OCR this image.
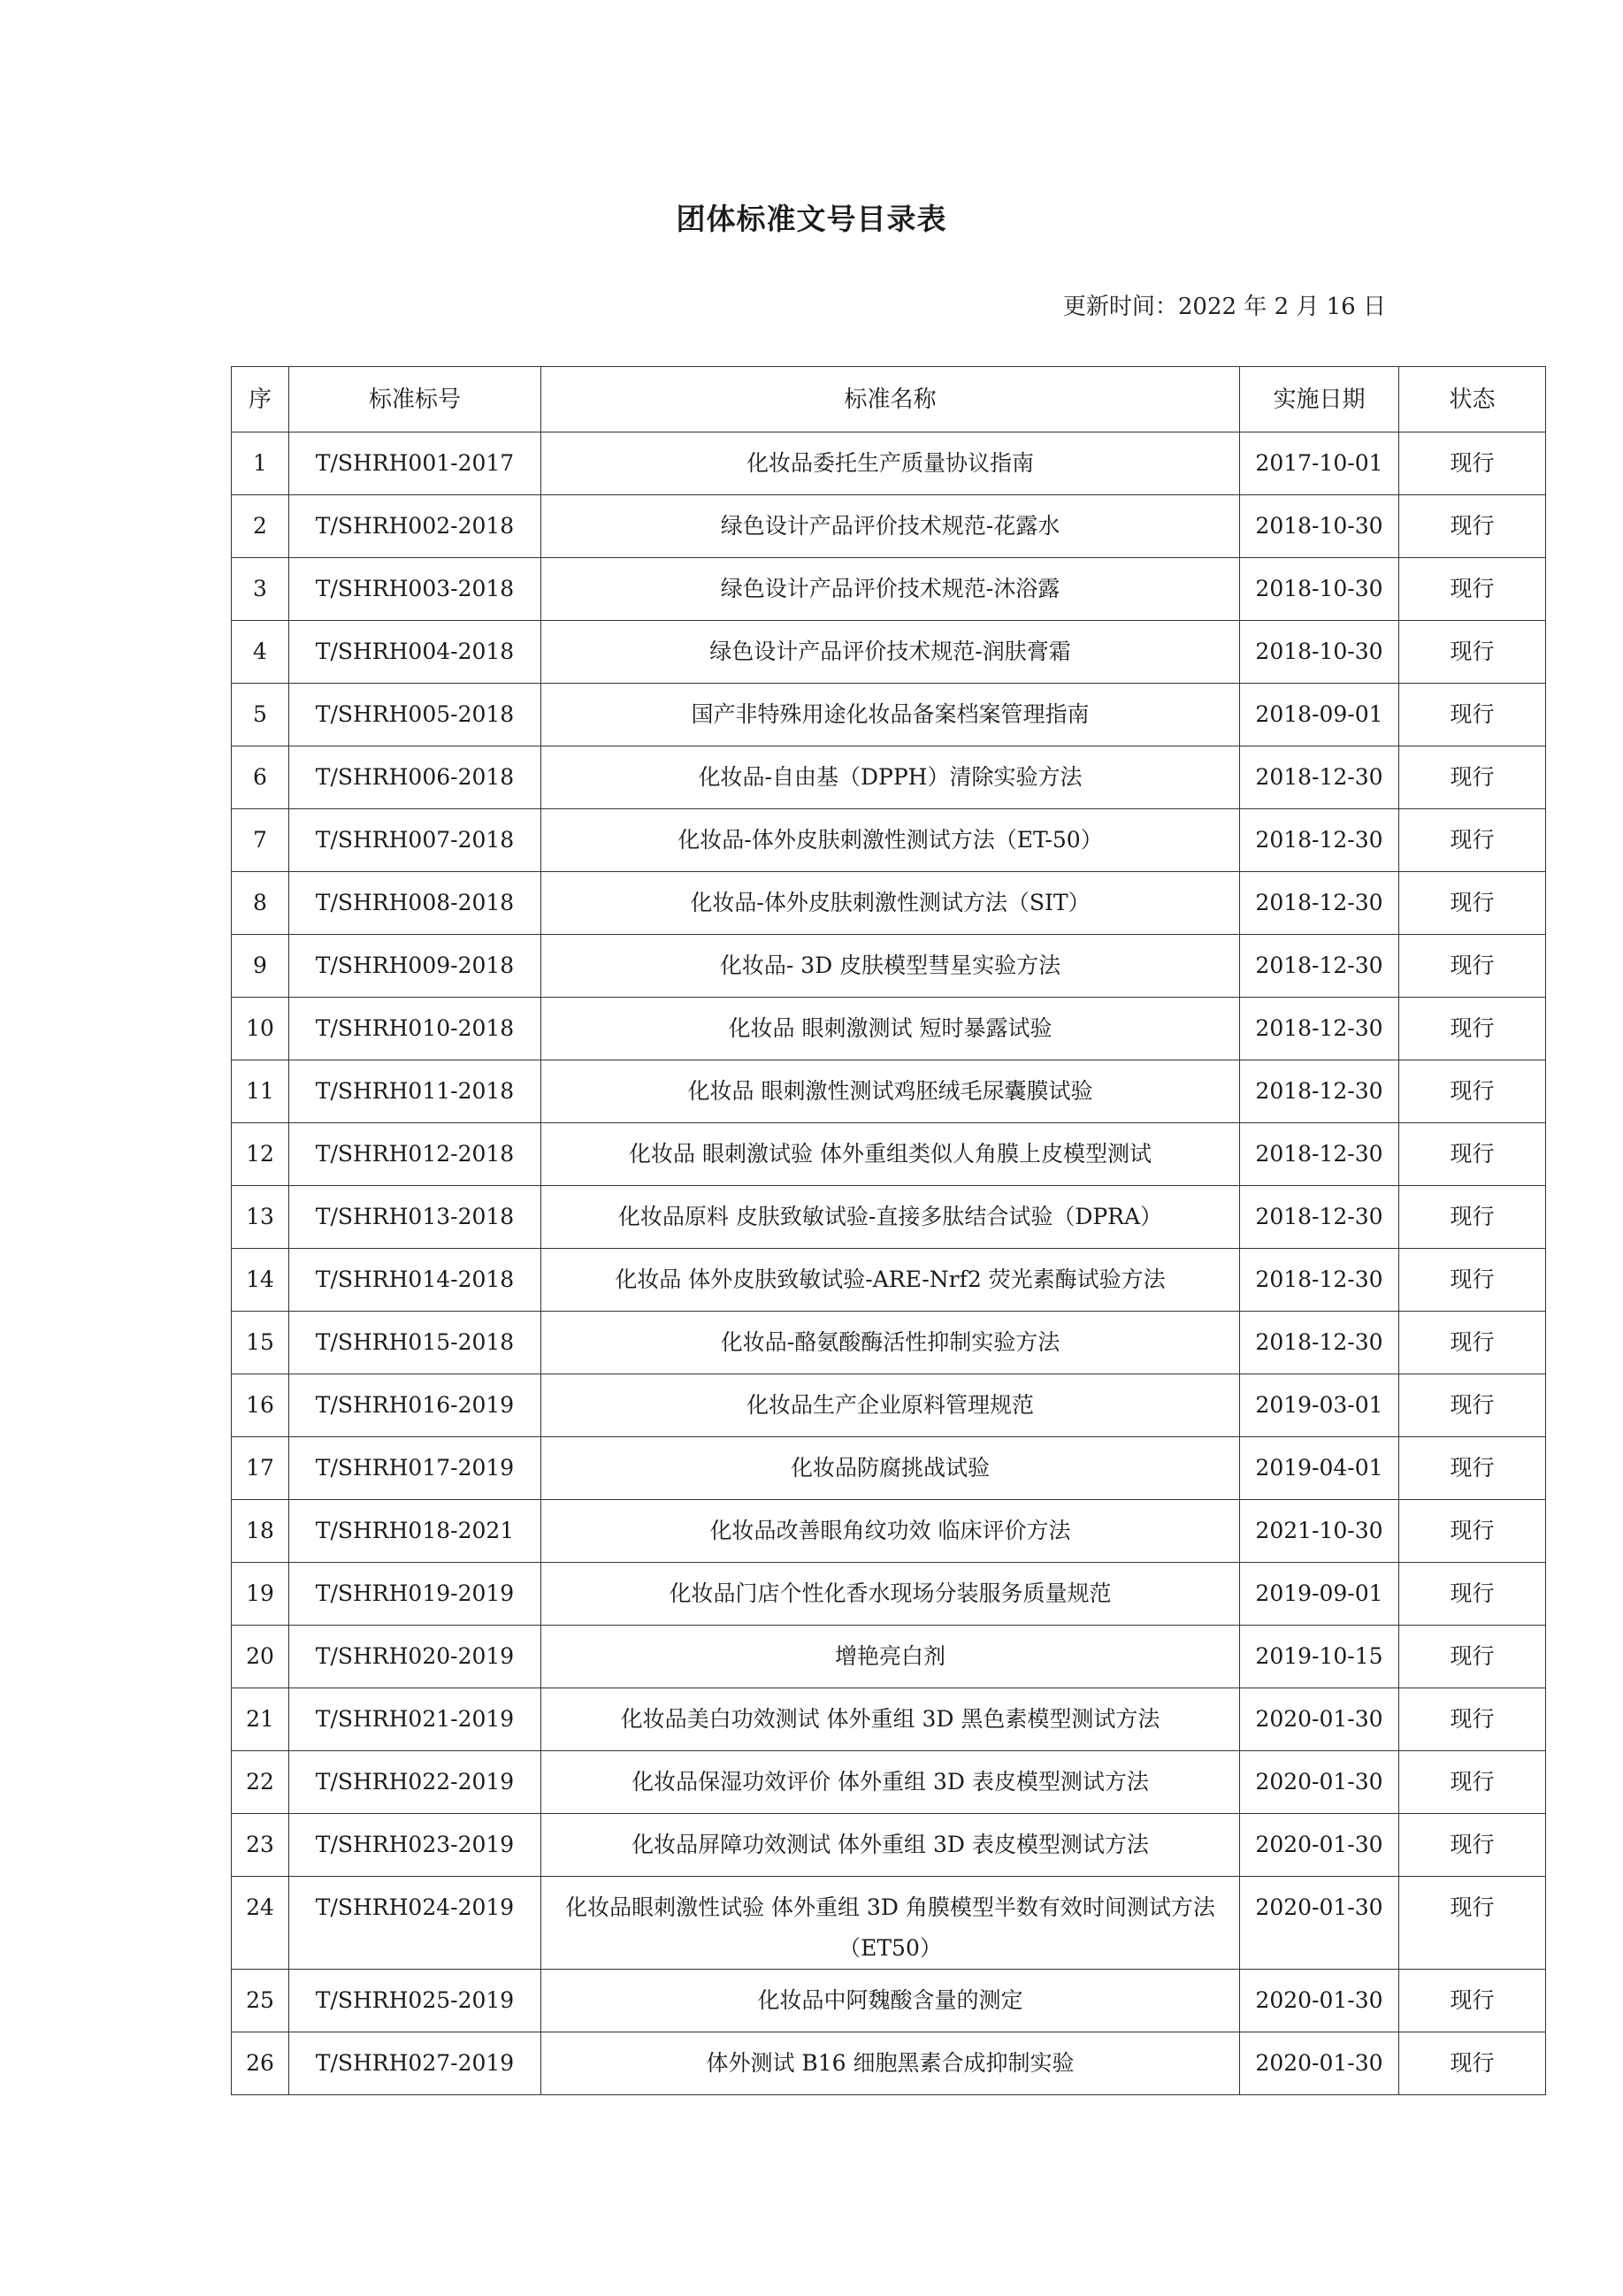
团体标准文号目录表
更新时间：2022 年 2 月 16 日
序	标准标号	标准名称	实施日期	状态
1	T/SHRH001-2017	化妆品委托生产质量协议指南	2017-10-01	现行
2	T/SHRH002-2018	绿色设计产品评价技术规范-花露水	2018-10-30	现行
3	T/SHRH003-2018	绿色设计产品评价技术规范-沐浴露	2018-10-30	现行
4	T/SHRH004-2018	绿色设计产品评价技术规范-润肤膏霜	2018-10-30	现行
5	T/SHRH005-2018	国产非特殊用途化妆品备案档案管理指南	2018-09-01	现行
6	T/SHRH006-2018	化妆品-自由基（DPPH）清除实验方法	2018-12-30	现行
7	T/SHRH007-2018	化妆品-体外皮肤刺激性测试方法（ET-50）	2018-12-30	现行
8	T/SHRH008-2018	化妆品-体外皮肤刺激性测试方法（SIT）	2018-12-30	现行
9	T/SHRH009-2018	化妆品- 3D 皮肤模型彗星实验方法	2018-12-30	现行
10	T/SHRH010-2018	化妆品 眼刺激测试 短时暴露试验	2018-12-30	现行
11	T/SHRH011-2018	化妆品 眼刺激性测试鸡胚绒毛尿囊膜试验	2018-12-30	现行
12	T/SHRH012-2018	化妆品 眼刺激试验 体外重组类似人角膜上皮模型测试	2018-12-30	现行
13	T/SHRH013-2018	化妆品原料 皮肤致敏试验-直接多肽结合试验（DPRA）	2018-12-30	现行
14	T/SHRH014-2018	化妆品 体外皮肤致敏试验-ARE-Nrf2 荧光素酶试验方法	2018-12-30	现行
15	T/SHRH015-2018	化妆品-酪氨酸酶活性抑制实验方法	2018-12-30	现行
16	T/SHRH016-2019	化妆品生产企业原料管理规范	2019-03-01	现行
17	T/SHRH017-2019	化妆品防腐挑战试验	2019-04-01	现行
18	T/SHRH018-2021	化妆品改善眼角纹功效 临床评价方法	2021-10-30	现行
19	T/SHRH019-2019	化妆品门店个性化香水现场分装服务质量规范	2019-09-01	现行
20	T/SHRH020-2019	增艳亮白剂	2019-10-15	现行
21	T/SHRH021-2019	化妆品美白功效测试 体外重组 3D 黑色素模型测试方法	2020-01-30	现行
22	T/SHRH022-2019	化妆品保湿功效评价 体外重组 3D 表皮模型测试方法	2020-01-30	现行
23	T/SHRH023-2019	化妆品屏障功效测试 体外重组 3D 表皮模型测试方法	2020-01-30	现行
24	T/SHRH024-2019	化妆品眼刺激性试验 体外重组 3D 角膜模型半数有效时间测试方法（ET50）	2020-01-30	现行
25	T/SHRH025-2019	化妆品中阿魏酸含量的测定	2020-01-30	现行
26	T/SHRH027-2019	体外测试 B16 细胞黑素合成抑制实验	2020-01-30	现行
